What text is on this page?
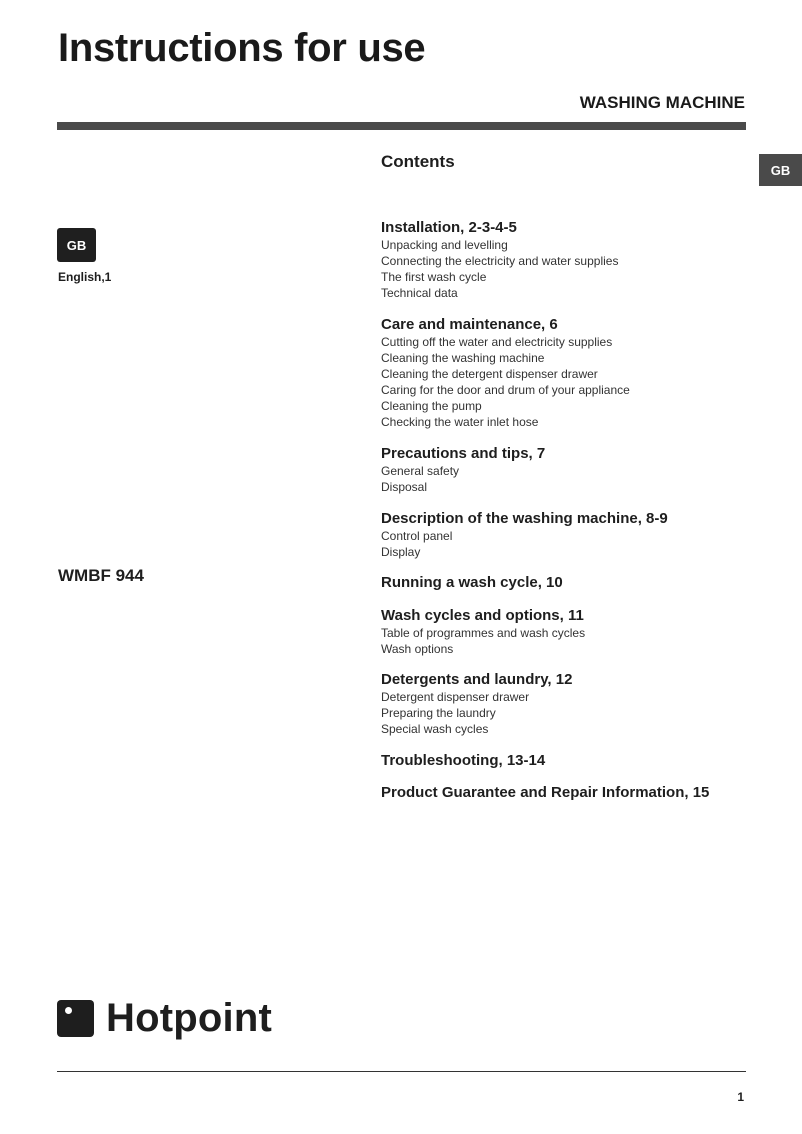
Instructions for use
WASHING MACHINE
GB
GB
English,1
WMBF 944
Contents
Installation, 2-3-4-5
Unpacking and levelling
Connecting the electricity and water supplies
The first wash cycle
Technical data
Care and maintenance, 6
Cutting off the water and electricity supplies
Cleaning the washing machine
Cleaning the detergent dispenser drawer
Caring for the door and drum of your appliance
Cleaning the pump
Checking the water inlet hose
Precautions and tips, 7
General safety
Disposal
Description of the washing machine, 8-9
Control panel
Display
Running a wash cycle, 10
Wash cycles and options, 11
Table of programmes and wash cycles
Wash options
Detergents and laundry, 12
Detergent dispenser drawer
Preparing the laundry
Special wash cycles
Troubleshooting, 13-14
Product Guarantee and Repair Information, 15
Hotpoint
1
